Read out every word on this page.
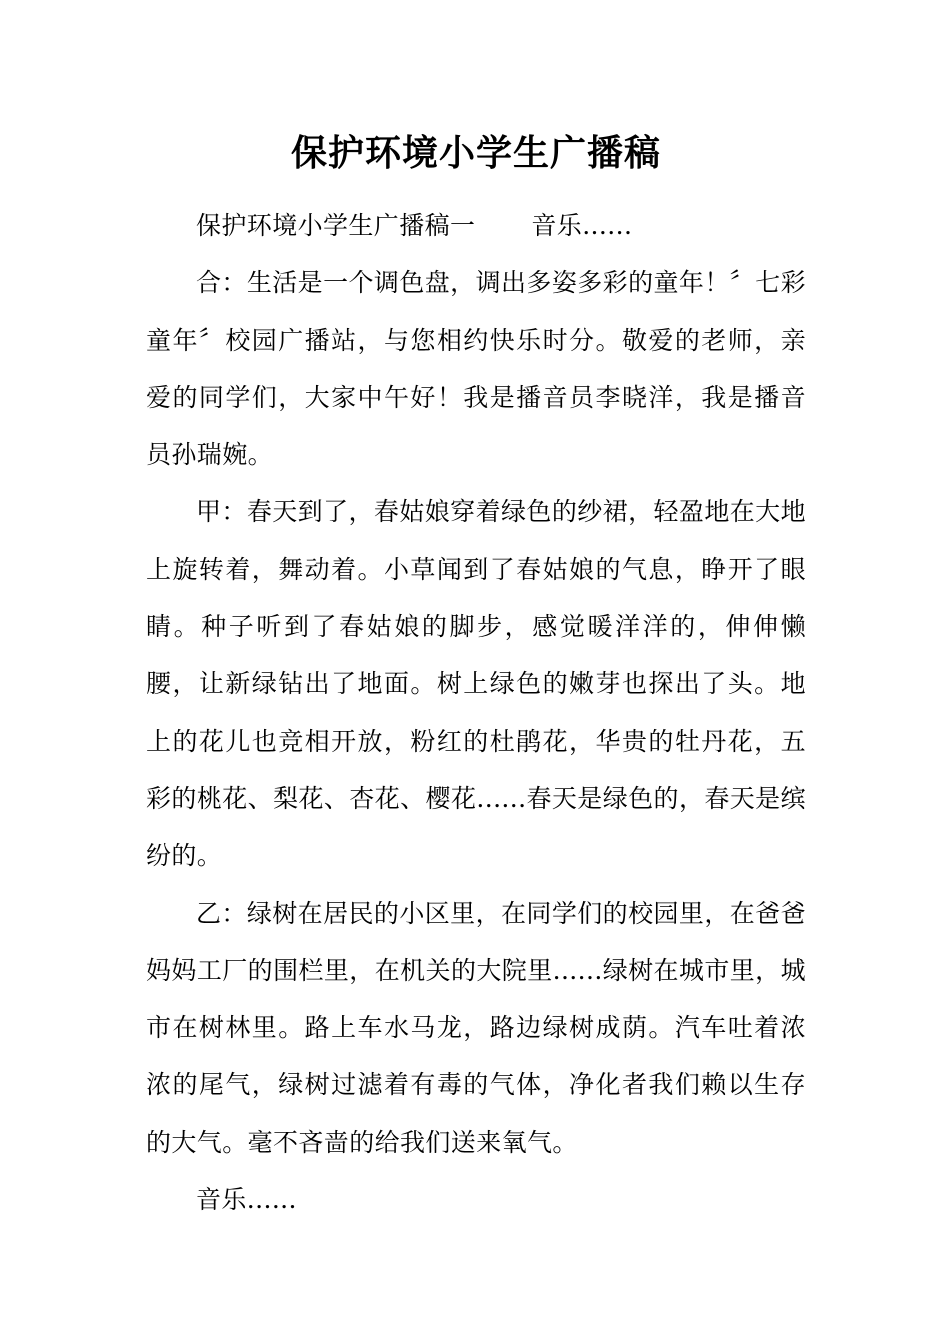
保护环境小学生广播稿

保护环境小学生广播稿一 音乐......

合：生活是一个调色盘，调出多姿多彩的童年！〞七彩童年〞校园广播站，与您相约快乐时分。敬爱的老师，亲爱的同学们，大家中午好！我是播音员李晓洋，我是播音员孙瑞婉。

甲：春天到了，春姑娘穿着绿色的纱裙，轻盈地在大地上旋转着，舞动着。小草闻到了春姑娘的气息，睁开了眼睛。种子听到了春姑娘的脚步，感觉暖洋洋的，伸伸懒腰，让新绿钻出了地面。树上绿色的嫩芽也探出了头。地上的花儿也竞相开放，粉红的杜鹃花，华贵的牡丹花，五彩的桃花、梨花、杏花、樱花......春天是绿色的，春天是缤纷的。

乙：绿树在居民的小区里，在同学们的校园里，在爸爸妈妈工厂的围栏里，在机关的大院里......绿树在城市里，城市在树林里。路上车水马龙，路边绿树成荫。汽车吐着浓浓的尾气，绿树过滤着有毒的气体，净化者我们赖以生存的大气。毫不吝啬的给我们送来氧气。

音乐......
